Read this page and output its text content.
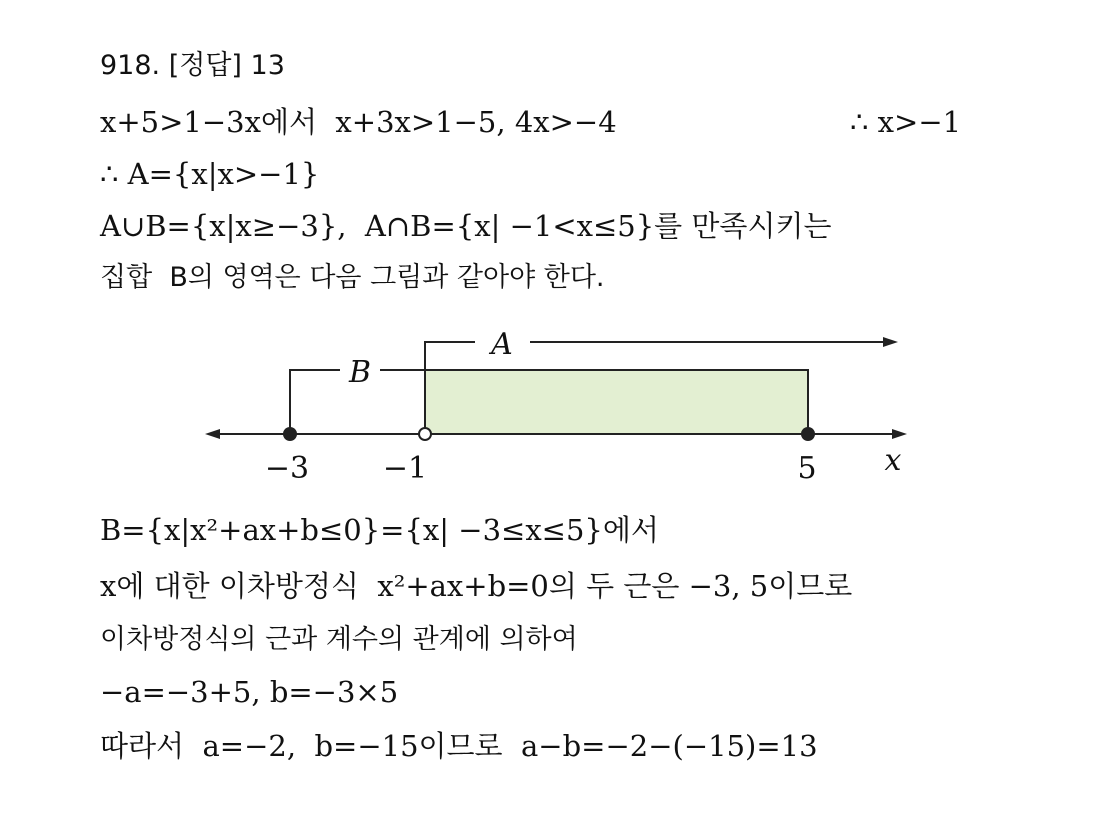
918. [정답] 13
x+5>1−3x에서  x+3x>1−5, 4x>−4	∴ x>−1
∴ A={x|x>−1}
A∪B={x|x≥−3},  A∩B={x| −1<x≤5}를 만족시키는
집합  B의 영역은 다음 그림과 같아야 한다.
A
B
−3 −1	5 x
B={x|x²+ax+b≤0}={x| −3≤x≤5}에서
x에 대한 이차방정식  x²+ax+b=0의 두 근은 −3, 5이므로
이차방정식의 근과 계수의 관계에 의하여
−a=−3+5, b=−3×5
따라서  a=−2,  b=−15이므로  a−b=−2−(−15)=13
